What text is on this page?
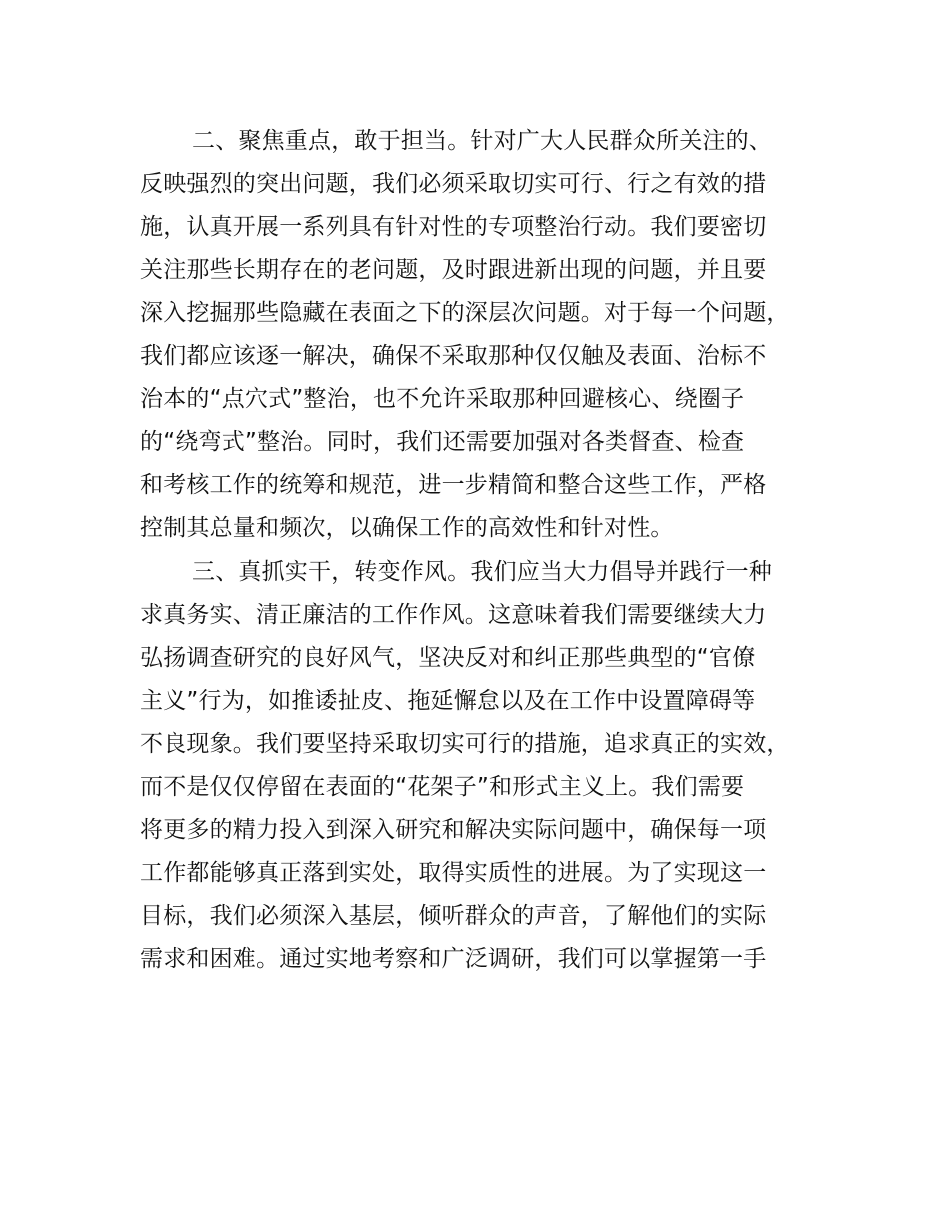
二、聚焦重点，敢于担当。针对广大人民群众所关注的、
反映强烈的突出问题，我们必须采取切实可行、行之有效的措
施，认真开展一系列具有针对性的专项整治行动。我们要密切
关注那些长期存在的老问题，及时跟进新出现的问题，并且要
深入挖掘那些隐藏在表面之下的深层次问题。对于每一个问题，
我们都应该逐一解决，确保不采取那种仅仅触及表面、治标不
治本的“点穴式”整治，也不允许采取那种回避核心、绕圈子
的“绕弯式”整治。同时，我们还需要加强对各类督查、检查
和考核工作的统筹和规范，进一步精简和整合这些工作，严格
控制其总量和频次，以确保工作的高效性和针对性。
三、真抓实干，转变作风。我们应当大力倡导并践行一种
求真务实、清正廉洁的工作作风。这意味着我们需要继续大力
弘扬调查研究的良好风气，坚决反对和纠正那些典型的“官僚
主义”行为，如推诿扯皮、拖延懈怠以及在工作中设置障碍等
不良现象。我们要坚持采取切实可行的措施，追求真正的实效，
而不是仅仅停留在表面的“花架子”和形式主义上。我们需要
将更多的精力投入到深入研究和解决实际问题中，确保每一项
工作都能够真正落到实处，取得实质性的进展。为了实现这一
目标，我们必须深入基层，倾听群众的声音，了解他们的实际
需求和困难。通过实地考察和广泛调研，我们可以掌握第一手
